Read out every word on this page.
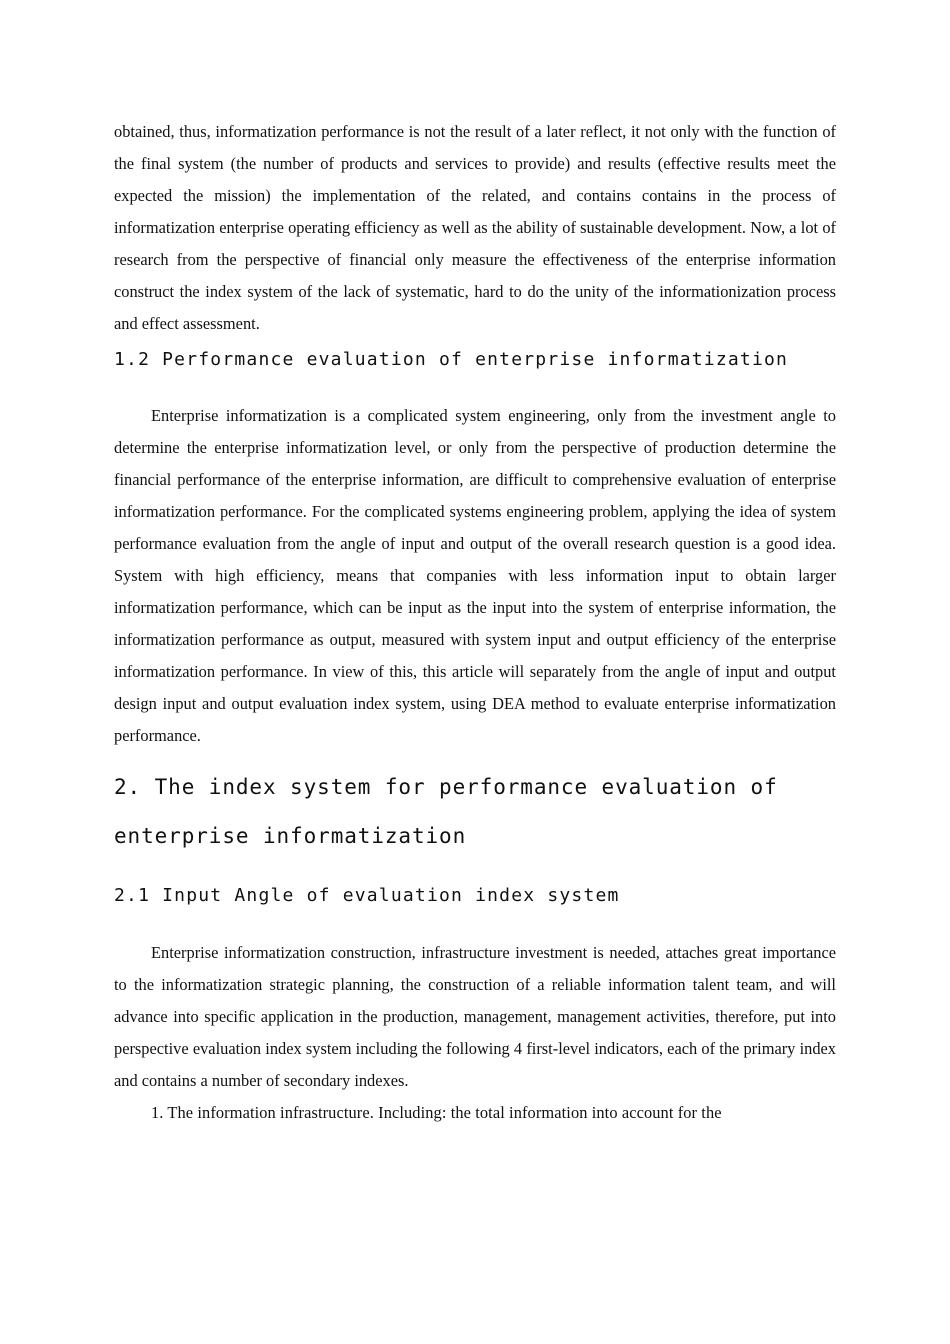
obtained, thus, informatization performance is not the result of a later reflect, it not only with the function of the final system (the number of products and services to provide) and results (effective results meet the expected the mission) the implementation of the related, and contains contains in the process of informatization enterprise operating efficiency as well as the ability of sustainable development. Now, a lot of research from the perspective of financial only measure the effectiveness of the enterprise information construct the index system of the lack of systematic, hard to do the unity of the informationization process and effect assessment.

1.2 Performance evaluation of enterprise informatization

Enterprise informatization is a complicated system engineering, only from the investment angle to determine the enterprise informatization level, or only from the perspective of production determine the financial performance of the enterprise information, are difficult to comprehensive evaluation of enterprise informatization performance. For the complicated systems engineering problem, applying the idea of system performance evaluation from the angle of input and output of the overall research question is a good idea. System with high efficiency, means that companies with less information input to obtain larger informatization performance, which can be input as the input into the system of enterprise information, the informatization performance as output, measured with system input and output efficiency of the enterprise informatization performance. In view of this, this article will separately from the angle of input and output design input and output evaluation index system, using DEA method to evaluate enterprise informatization performance.

2. The index system for performance evaluation of enterprise informatization
2.1 Input Angle of evaluation index system

Enterprise informatization construction, infrastructure investment is needed, attaches great importance to the informatization strategic planning, the construction of a reliable information talent team, and will advance into specific application in the production, management, management activities, therefore, put into perspective evaluation index system including the following 4 first-level indicators, each of the primary index and contains a number of secondary indexes.

1. The information infrastructure. Including: the total information into account for the
